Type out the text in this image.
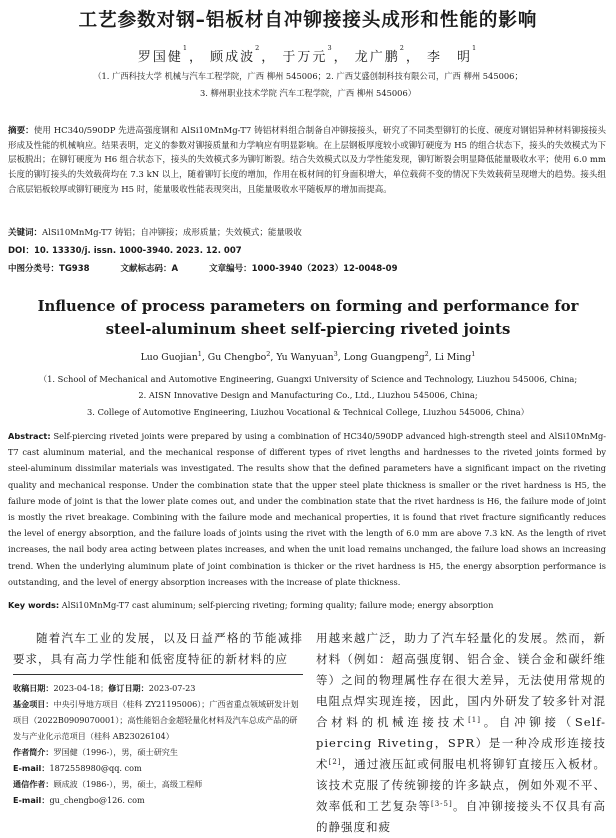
工艺参数对钢–铝板材自冲铆接接头成形和性能的影响
罗国健$^1$， 顾成波$^2$， 于万元$^3$， 龙广鹏$^2$， 李　明$^1$
（1. 广西科技大学 机械与汽车工程学院，广西 柳州 545006；2. 广西艾盛创制科技有限公司，广西 柳州 545006；
3. 柳州职业技术学院 汽车工程学院，广西 柳州 545006）
摘要：使用 HC340/590DP 先进高强度钢和 AlSi10MnMg-T7 铸铝材料组合制备自冲铆接接头，研究了不同类型铆钉的长度、硬度对钢铝异种材料铆接接头形成及性能的机械响应。结果表明，定义的参数对铆接质量和力学响应有明显影响。在上层钢板厚度较小或铆钉硬度为 H5 的组合状态下，接头的失效模式为下层板脱出；在铆钉硬度为 H6 组合状态下，接头的失效模式多为铆钉断裂。结合失效模式以及力学性能发现，铆钉断裂会明显降低能量吸收水平；使用 6.0 mm 长度的铆钉接头的失效载荷均在 7.3 kN 以上，随着铆钉长度的增加，作用在板材间的钉身面积增大，单位载荷不变的情况下失效载荷呈现增大的趋势。接头组合底层铝板较厚或铆钉硬度为 H5 时，能量吸收性能表现突出，且能量吸收水平随板厚的增加而提高。
关键词：AlSi10MnMg-T7 铸铝；自冲铆接；成形质量；失效模式；能量吸收
DOI：10. 13330/j. issn. 1000-3940. 2023. 12. 007
中图分类号：TG938	文献标志码：A	文章编号：1000-3940（2023）12-0048-09
Influence of process parameters on forming and performance for
steel-aluminum sheet self-piercing riveted joints
Luo Guojian$^1$, Gu Chengbo$^2$, Yu Wanyuan$^3$, Long Guangpeng$^2$, Li Ming$^1$
（1. School of Mechanical and Automotive Engineering, Guangxi University of Science and Technology, Liuzhou 545006, China;
2. AISN Innovative Design and Manufacturing Co., Ltd., Liuzhou 545006, China;
3. College of Automotive Engineering, Liuzhou Vocational & Technical College, Liuzhou 545006, China）
Abstract: Self-piercing riveted joints were prepared by using a combination of HC340/590DP advanced high-strength steel and AlSi10MnMg-T7 cast aluminum material, and the mechanical response of different types of rivet lengths and hardnesses to the riveted joints formed by steel-aluminum dissimilar materials was investigated. The results show that the defined parameters have a significant impact on the riveting quality and mechanical response. Under the combination state that the upper steel plate thickness is smaller or the rivet hardness is H5, the failure mode of joint is that the lower plate comes out, and under the combination state that the rivet hardness is H6, the failure mode of joint is mostly the rivet breakage. Combining with the failure mode and mechanical properties, it is found that rivet fracture significantly reduces the level of energy absorption, and the failure loads of joints using the rivet with the length of 6.0 mm are above 7.3 kN. As the length of rivet increases, the nail body area acting between plates increases, and when the unit load remains unchanged, the failure load shows an increasing trend. When the underlying aluminum plate of joint combination is thicker or the rivet hardness is H5, the energy absorption performance is outstanding, and the level of energy absorption increases with the increase of plate thickness.
Key words: AlSi10MnMg-T7 cast aluminum; self-piercing riveting; forming quality; failure mode; energy absorption
随着汽车工业的发展，以及日益严格的节能减排要求，具有高力学性能和低密度特征的新材料的应
收稿日期：2023-04-18；修订日期：2023-07-23
基金项目：中央引导地方项目（桂科 ZY21195006）；广西省重点领域研发计划项目（2022B0909070001）；高性能铝合金超轻量化材料及汽车总成产品的研发与产业化示范项目（桂科 AB23026104）
作者简介：罗国健（1996-），男，硕士研究生
E-mail：1872558980@qq. com
通信作者：顾成波（1986-），男，硕士，高级工程师
E-mail：gu_chengbo@126. com
用越来越广泛，助力了汽车轻量化的发展。然而，新材料（例如：超高强度钢、铝合金、镁合金和碳纤维等）之间的物理属性存在很大差异，无法使用常规的电阻点焊实现连接，因此，国内外研发了较多针对混合材料的机械连接技术[1]。自冲铆接（Self-piercing Riveting，SPR）是一种冷成形连接技术[2]，通过液压缸或伺服电机将铆钉直接压入板材。该技术克服了传统铆接的许多缺点，例如外观不平、效率低和工艺复杂等[3-5]。自冲铆接接头不仅具有高的静强度和疲
